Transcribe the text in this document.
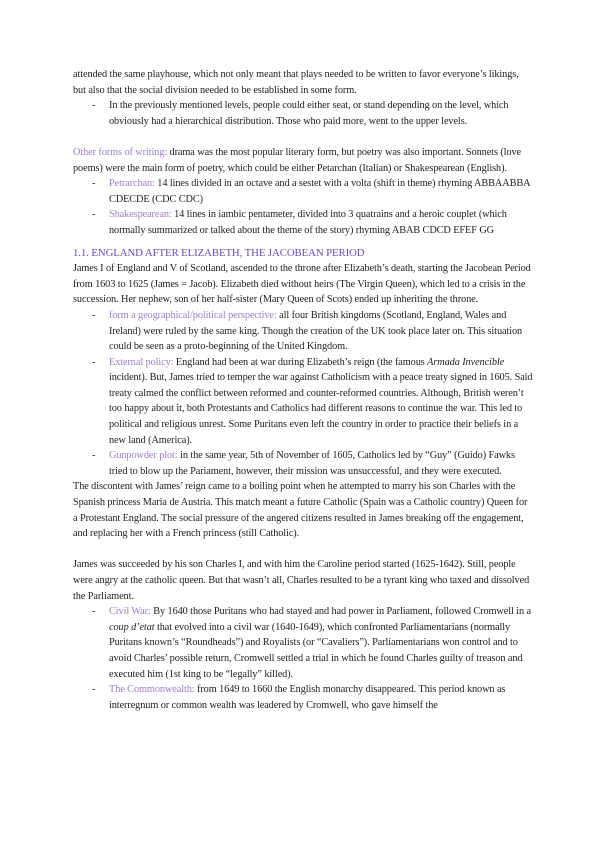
attended the same playhouse, which not only meant that plays needed to be written to favor everyone’s likings, but also that the social division needed to be established in some form.

- In the previously mentioned levels, people could either seat, or stand depending on the level, which obviously had a hierarchical distribution. Those who paid more, went to the upper levels.

Other forms of writing: drama was the most popular literary form, but poetry was also important. Sonnets (love poems) were the main form of poetry, which could be either Petarchan (Italian) or Shakespearean (English).

- Petrarchan: 14 lines divided in an octave and a sestet with a volta (shift in theme) rhyming ABBAABBA CDECDE (CDC CDC)
- Shakespearean: 14 lines in iambic pentameter, divided into 3 quatrains and a heroic couplet (which normally summarized or talked about the theme of the story) rhyming ABAB CDCD EFEF GG

1.1. ENGLAND AFTER ELIZABETH, THE JACOBEAN PERIOD

James I of England and V of Scotland, ascended to the throne after Elizabeth’s death, starting the Jacobean Period from 1603 to 1625 (James = Jacob). Elizabeth died without heirs (The Virgin Queen), which led to a crisis in the succession. Her nephew, son of her half-sister (Mary Queen of Scots) ended up inheriting the throne.

- form a geographical/political perspective: all four British kingdoms (Scotland, England, Wales and Ireland) were ruled by the same king. Though the creation of the UK took place later on. This situation could be seen as a proto-beginning of the United Kingdom.
- External policy: England had been at war during Elizabeth’s reign (the famous Armada Invencible incident). But, James tried to temper the war against Catholicism with a peace treaty signed in 1605. Said treaty calmed the conflict between reformed and counter-reformed countries. Although, British weren’t too happy about it, both Protestants and Catholics had different reasons to continue the war. This led to political and religious unrest. Some Puritans even left the country in order to practice their beliefs in a new land (America).
- Gunpowder plot: in the same year, 5th of November of 1605, Catholics led by “Guy” (Guido) Fawks tried to blow up the Pariament, however, their mission was unsuccessful, and they were executed.

The discontent with James’ reign came to a boiling point when he attempted to marry his son Charles with the Spanish princess Maria de Austria. This match meant a future Catholic (Spain was a Catholic country) Queen for a Protestant England. The social pressure of the angered citizens resulted in James breaking off the engagement, and replacing her with a French princess (still Catholic).

James was succeeded by his son Charles I, and with him the Caroline period started (1625-1642). Still, people were angry at the catholic queen. But that wasn’t all, Charles resulted to be a tyrant king who taxed and dissolved the Parliament.

- Civil War: By 1640 those Puritans who had stayed and had power in Parliament, followed Cromwell in a coup d’etat that evolved into a civil war (1640-1649), which confronted Parliamentarians (normally Puritans known’s “Roundheads”) and Royalists (or “Cavaliers”). Parliamentarians won control and to avoid Charles’ possible return, Cromwell settled a trial in which he found Charles guilty of treason and executed him (1st king to be “legally” killed).
- The Commonwealth: from 1649 to 1660 the English monarchy disappeared. This period known as interregnum or common wealth was leadered by Cromwell, who gave himself the
